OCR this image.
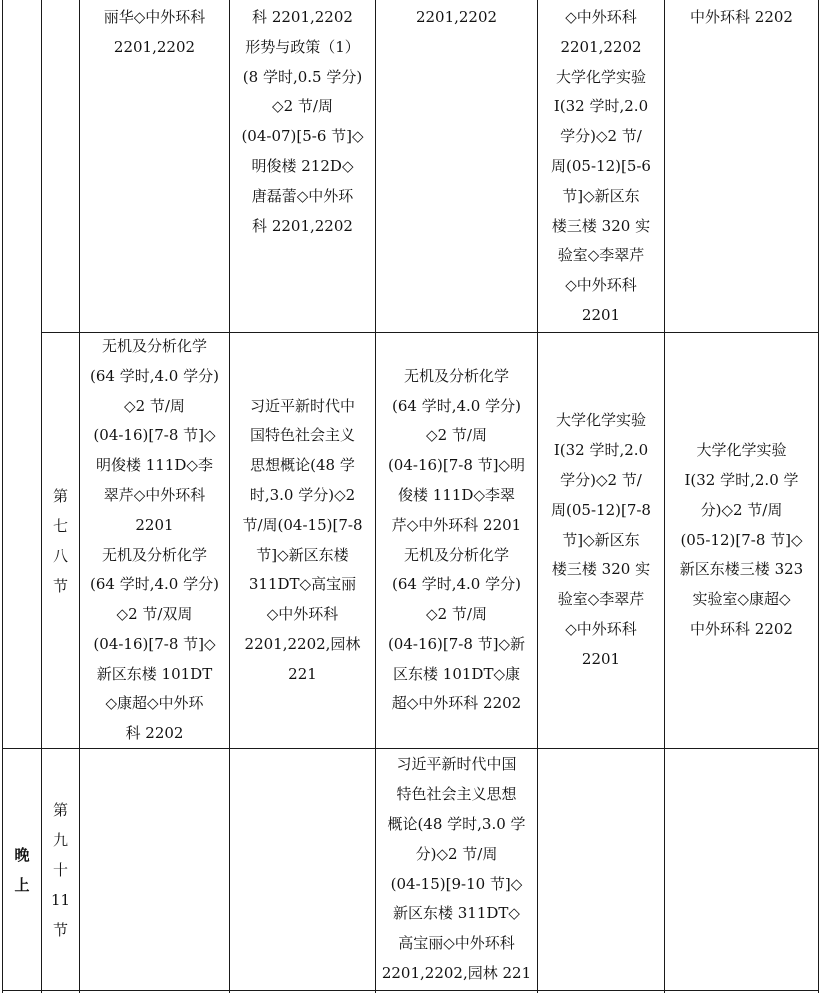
丽华◇中外环科
2201,2202
科 2201,2202
形势与政策（1）
(8 学时,0.5 学分)
◇2 节/周
(04-07)[5-6 节]◇
明俊楼 212D◇
唐磊蕾◇中外环
科 2201,2202
2201,2202	◇中外环科
2201,2202
大学化学实验
I(32 学时,2.0
学分)◇2 节/
周(05-12)[5-6
节]◇新区东
楼三楼 320 实
验室◇李翠芹
◇中外环科
2201
中外环科 2202
第
七
八
节
无机及分析化学
(64 学时,4.0 学分)
◇2 节/周
(04-16)[7-8 节]◇
明俊楼 111D◇李
翠芹◇中外环科
2201
无机及分析化学
(64 学时,4.0 学分)
◇2 节/双周
(04-16)[7-8 节]◇
新区东楼 101DT
◇康超◇中外环
科 2202
习近平新时代中
国特色社会主义
思想概论(48 学
时,3.0 学分)◇2
节/周(04-15)[7-8
节]◇新区东楼
311DT◇高宝丽
◇中外环科
2201,2202,园林
221
无机及分析化学
(64 学时,4.0 学分)
◇2 节/周
(04-16)[7-8 节]◇明
俊楼 111D◇李翠
芹◇中外环科 2201
无机及分析化学
(64 学时,4.0 学分)
◇2 节/周
(04-16)[7-8 节]◇新
区东楼 101DT◇康
超◇中外环科 2202
大学化学实验
I(32 学时,2.0
学分)◇2 节/
周(05-12)[7-8
节]◇新区东
楼三楼 320 实
验室◇李翠芹
◇中外环科
2201
大学化学实验
I(32 学时,2.0 学
分)◇2 节/周
(05-12)[7-8 节]◇
新区东楼三楼 323
实验室◇康超◇
中外环科 2202
晚
上
第
九
十
11
节
习近平新时代中国
特色社会主义思想
概论(48 学时,3.0 学
分)◇2 节/周
(04-15)[9-10 节]◇
新区东楼 311DT◇
高宝丽◇中外环科
2201,2202,园林 221
